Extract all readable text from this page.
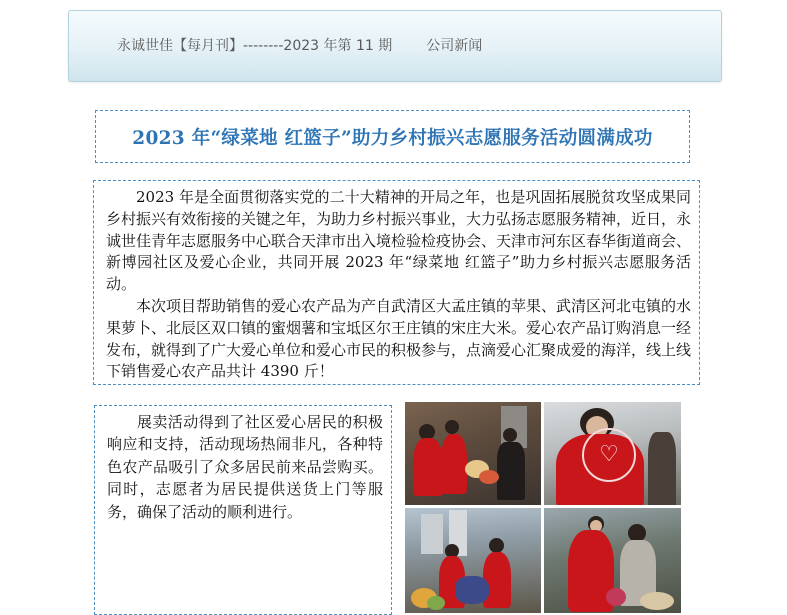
永诚世佳【每月刊】--------2023 年第 11 期 公司新闻
2023 年“绿菜地 红篮子”助力乡村振兴志愿服务活动圆满成功

2023 年是全面贯彻落实党的二十大精神的开局之年，也是巩固拓展脱贫攻坚成果同乡村振兴有效衔接的关键之年，为助力乡村振兴事业，大力弘扬志愿服务精神，近日，永诚世佳青年志愿服务中心联合天津市出入境检验检疫协会、天津市河东区春华街道商会、新博园社区及爱心企业，共同开展 2023 年“绿菜地 红篮子”助力乡村振兴志愿服务活动。

本次项目帮助销售的爱心农产品为产自武清区大孟庄镇的苹果、武清区河北屯镇的水果萝卜、北辰区双口镇的蜜烟薯和宝坻区尔王庄镇的宋庄大米。爱心农产品订购消息一经发布，就得到了广大爱心单位和爱心市民的积极参与，点滴爱心汇聚成爱的海洋，线上线下销售爱心农产品共计 4390 斤！

展卖活动得到了社区爱心居民的积极响应和支持，活动现场热闹非凡，各种特色农产品吸引了众多居民前来品尝购买。同时，志愿者为居民提供送货上门等服务，确保了活动的顺利进行。

♡
